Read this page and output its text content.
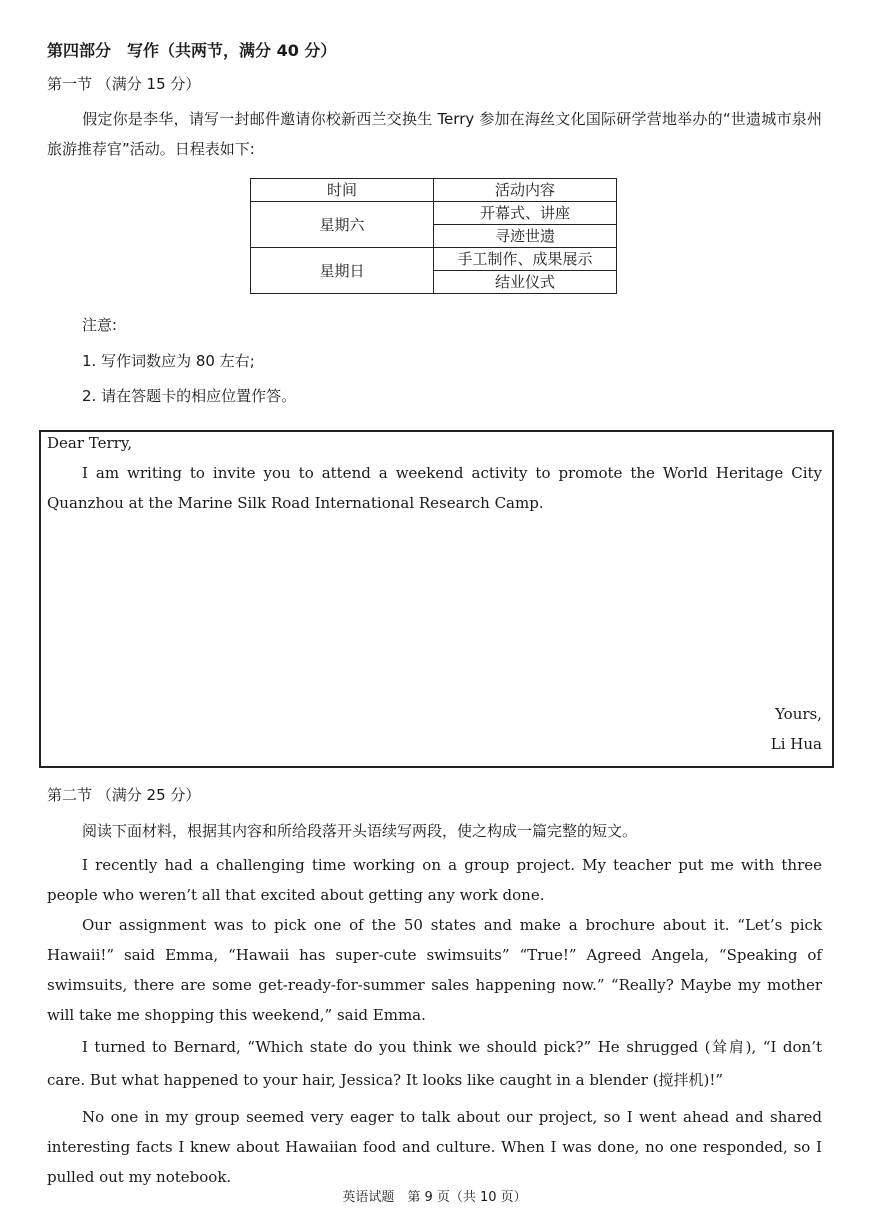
第四部分　写作（共两节，满分 40 分）
第一节 （满分 15 分）

假定你是李华，请写一封邮件邀请你校新西兰交换生 Terry 参加在海丝文化国际研学营地举办的“世遗城市泉州旅游推荐官”活动。日程表如下:

时间	活动内容
星期六	开幕式、讲座
	寻迹世遗
星期日	手工制作、成果展示
	结业仪式
注意:
1. 写作词数应为 80 左右;
2. 请在答题卡的相应位置作答。
Dear Terry,

I am writing to invite you to attend a weekend activity to promote the World Heritage City Quanzhou at the Marine Silk Road International Research Camp.

Yours,
Li Hua
第二节 （满分 25 分）
阅读下面材料，根据其内容和所给段落开头语续写两段，使之构成一篇完整的短文。

I recently had a challenging time working on a group project. My teacher put me with three people who weren’t all that excited about getting any work done.

Our assignment was to pick one of the 50 states and make a brochure about it. “Let’s pick Hawaii!” said Emma, “Hawaii has super-cute swimsuits” “True!” Agreed Angela, “Speaking of swimsuits, there are some get-ready-for-summer sales happening now.” “Really? Maybe my mother will take me shopping this weekend,” said Emma.

I turned to Bernard, “Which state do you think we should pick?” He shrugged (耸肩), “I don’t care. But what happened to your hair, Jessica? It looks like caught in a blender (搅拌机)!”

No one in my group seemed very eager to talk about our project, so I went ahead and shared interesting facts I knew about Hawaiian food and culture. When I was done, no one responded, so I pulled out my notebook.

英语试题　第 9 页（共 10 页）
